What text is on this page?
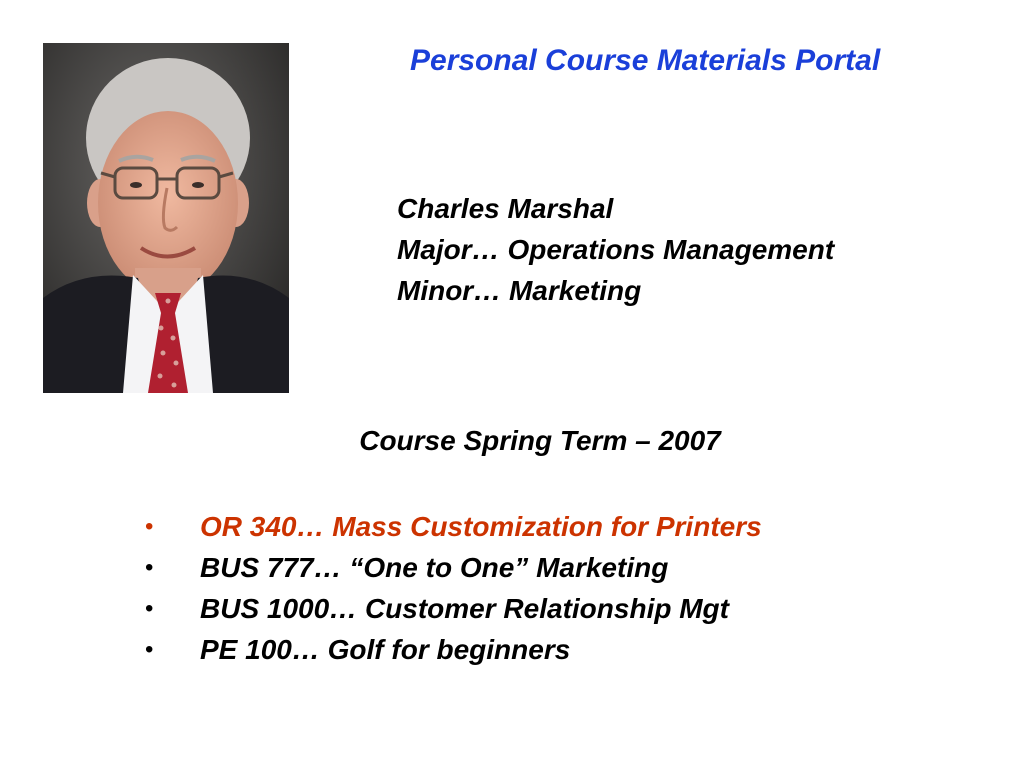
Personal Course Materials Portal
Charles Marshal
Major… Operations Management
Minor… Marketing
Course Spring Term – 2007
• OR 340… Mass Customization for Printers
• BUS 777… “One to One” Marketing
• BUS 1000… Customer Relationship Mgt
• PE 100… Golf for beginners
